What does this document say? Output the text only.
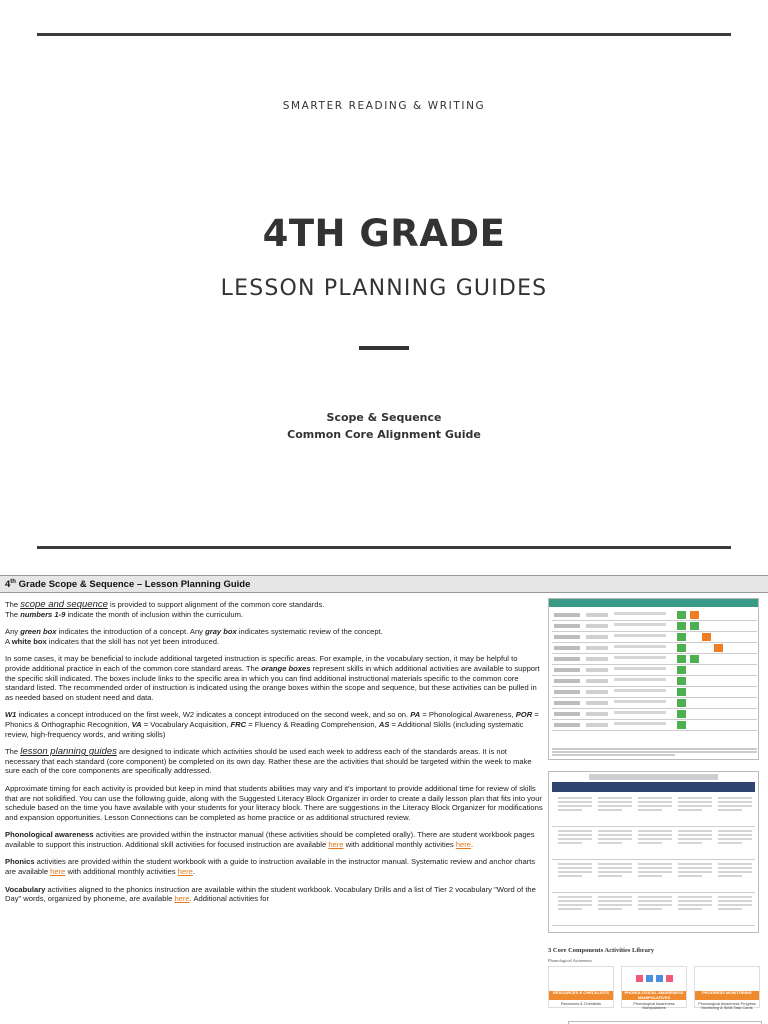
SMARTER READING & WRITING
4TH GRADE
LESSON PLANNING GUIDES
Scope & Sequence
Common Core Alignment Guide
4th Grade Scope & Sequence – Lesson Planning Guide

The scope and sequence is provided to support alignment of the common core standards.
The numbers 1-9 indicate the month of inclusion within the curriculum.

Any green box indicates the introduction of a concept. Any gray box indicates systematic review of the concept.
A white box indicates that the skill has not yet been introduced.

In some cases, it may be beneficial to include additional targeted instruction is specific areas. For example, in the vocabulary section, it may be helpful to provide additional practice in each of the common core standard areas. The orange boxes represent skills in which additional activities are available to support the specific skill indicated. The boxes include links to the specific area in which you can find additional instructional materials specific to the common core standard listed. The recommended order of instruction is indicated using the orange boxes within the scope and sequence, but these activities can be pulled in as needed based on student need and data.

W1 indicates a concept introduced on the first week, W2 indicates a concept introduced on the second week, and so on. PA = Phonological Awareness, POR = Phonics & Orthographic Recognition, VA = Vocabulary Acquisition, FRC = Fluency & Reading Comprehension, AS = Additional Skills (including systematic review, high-frequency words, and writing skills)

The lesson planning guides are designed to indicate which activities should be used each week to address each of the standards areas. It is not necessary that each standard (core component) be completed on its own day. Rather these are the activities that should be targeted within the week to make sure each of the core components are specifically addressed.

Approximate timing for each activity is provided but keep in mind that students abilities may vary and it's important to provide additional time for review of skills that are not solidified. You can use the following guide, along with the Suggested Literacy Block Organizer in order to create a daily lesson plan that fits into your schedule based on the time you have available with your students for your literacy block. There are suggestions in the Literacy Block Organizer for modifications and expansion opportunities. Lesson Connections can be completed as home practice or as additional structured review.

Phonological awareness activities are provided within the instructor manual (these activities should be completed orally). There are student workbook pages available to support this instruction. Additional skill activities for focused instruction are available here with additional monthly activities here.

Phonics activities are provided within the student workbook with a guide to instruction available in the instructor manual. Systematic review and anchor charts are available here with additional monthly activities here.

Vocabulary activities aligned to the phonics instruction are available within the student workbook. Vocabulary Drills and a list of Tier 2 vocabulary "Word of the Day" words, organized by phoneme, are available here. Additional activities for

3 Core Components Activities Library
Phonological Awareness
RESOURCES & CHECKLISTS
Resources & Checklists
PHONOLOGICAL AWARENESS MANIPULATIVES
Phonological Awareness Manipulatives
PROGRESS MONITORING
Phonological Awareness Progress Monitoring & Skills Task Cards
